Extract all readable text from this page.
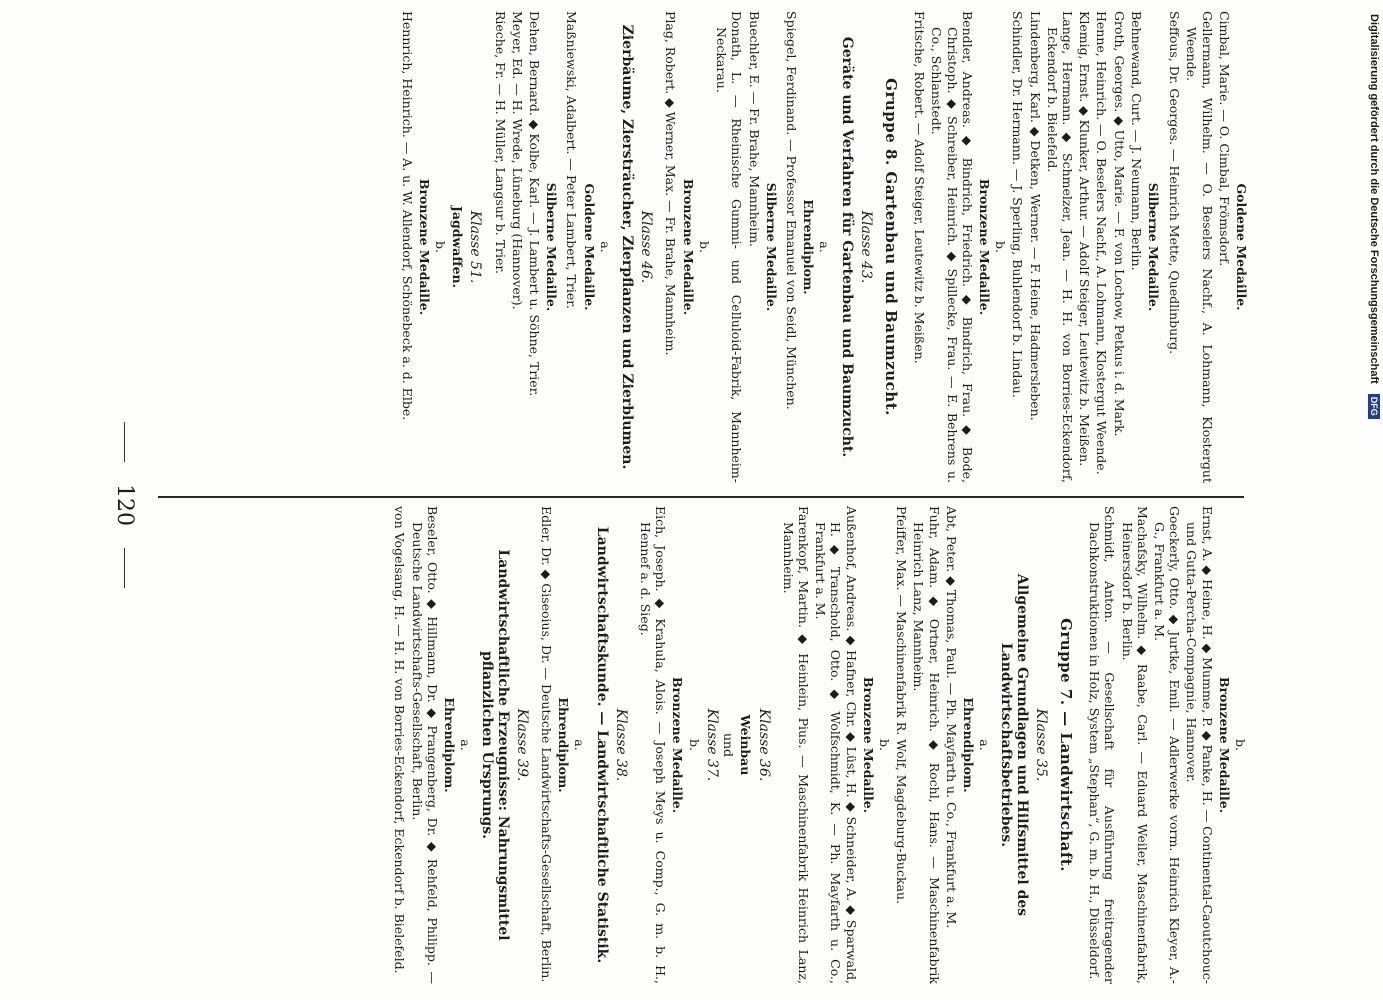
120
b.
Bronzene Medaille.
Ernst, A. ◆ Heine, H. ◆ Mumme, P. ◆ Panke, H. — Continental-Caoutchouc- und Gutta-Percha-Compagnie, Hannover.
Goeckerly, Otto. ◆ Jurtke, Emil. — Adlerwerke vorm. Heinrich Kleyer, A.-G., Frankfurt a. M.
Machafsky, Wilhelm. ◆ Raabe, Carl. — Eduard Weiler, Maschinenfabrik, Heinersdorf b. Berlin.
Schmidt, Anton. — Gesellschaft für Ausführung freitragender Dachkonstruktionen in Holz, System „Stephan“, G. m. b. H., Düsseldorf.
Gruppe 7. — Landwirtschaft.
Klasse 35.
Allgemeine Grundlagen und Hilfsmittel des Landwirtschaftsbetriebes.
a.
Ehrendiplom.
Abt, Peter. ◆ Thomas, Paul. — Ph. Mayfarth u. Co., Frankfurt a. M.
Fuhr, Adam. ◆ Ortner, Heinrich. ◆ Rochl, Hans. — Maschinenfabrik Heinrich Lanz, Mannheim.
Pfeiffer, Max. — Maschinenfabrik R. Wolf, Magdeburg-Buckau.
b.
Bronzene Medaille.
Außenhof, Andreas. ◆ Hafner, Chr. ◆ Lüst, H. ◆ Schneider, A. ◆ Sparwald, H. ◆ Transchold, Otto. ◆ Wolfschmidt, K. — Ph. Mayfarth u. Co., Frankfurt a. M.
Farenkopf, Martin. ◆ Heinlein, Pius. — Maschinenfabrik Heinrich Lanz, Mannheim.
Klasse 36.
Weinbau
und
Klasse 37.
b.
Bronzene Medaille.
Eich, Joseph. ◆ Krahula, Alois. — Joseph Meys u. Comp., G. m. b. H., Hennef a. d. Sieg.
Klasse 38.
Landwirtschaftskunde. — Landwirtschaftliche Statistik.
a.
Ehrendiplom.
Edler, Dr. ◆ Giseoius, Dr. — Deutsche Landwirtschafts-Gesellschaft, Berlin.
Klasse 39.
Landwirtschaftliche Erzeugnisse: Nahrungsmittel pflanzlichen Ursprungs.
a.
Ehrendiplom.
Beseler, Otto. ◆ Hillmann, Dr. ◆ Prangenberg, Dr. ◆ Rehfeld, Philipp. — Deutsche Landwirtschafts-Gesellschaft, Berlin.
von Vogelsang, H. — H. H. von Borries-Eckendorf, Eckendorf b. Bielefeld.
Goldene Medaille.
Cimbal, Marie. — O. Cimbal, Frömsdorf.
Gellermann, Wilhelm. — O. Beselers Nachf., A. Lohmann, Klostergut Weende.
Seffous, Dr. Georges. — Heinrich Mette, Quedlinburg.
Silberne Medaille.
Behnewand, Curt. — J. Neumann, Berlin.
Groth, Georges. ◆ Utto, Marie. — F. von Lochow, Petkus i. d. Mark.
Henne, Heinrich. — O. Beselers Nachf., A. Lohmann, Klostergut Weende.
Klemig, Ernst. ◆ Klunker, Arthur. — Adolf Steiger, Leutewitz b. Meißen.
Lange, Hermann. ◆ Schmelzer, Jean. — H. H. von Borries-Eckendorf, Eckendorf b. Bielefeld.
Lindenberg, Karl. ◆ Detken, Werner. — F. Heine, Hadmersleben.
Schindler, Dr. Hermann. — J. Sperling, Buhlendorf b. Lindau.
b.
Bronzene Medaille.
Bendler, Andreas. ◆ Bindrich, Friedrich. ◆ Bindrich, Frau. ◆ Bode, Christoph. ◆ Schreiber, Heinrich. ◆ Spillecke, Frau. — E. Behrens u. Co., Schlanstedt.
Fritsche, Robert. — Adolf Steiger, Leutewitz b. Meißen.
Gruppe 8. Gartenbau und Baumzucht.
Klasse 43.
Geräte und Verfahren für Gartenbau und Baumzucht.
a.
Ehrendiplom.
Spiegel, Ferdinand. — Professor Emanuel von Seidl, München.
Silberne Medaille.
Buechler, E. — Fr. Brahe, Mannheim.
Donath, L. — Rheinische Gummi- und Celluloid-Fabrik, Mannheim-Neckarau.
b.
Bronzene Medaille.
Plag, Robert. ◆ Werner, Max. — Fr. Brahe, Mannheim.
Klasse 46.
Zierbäume, Ziersträucher, Zierpflanzen und Zierblumen.
a.
Goldene Medaille.
Maßniewski, Adalbert. — Peter Lambert, Trier.
Silberne Medaille.
Dehen, Bernard. ◆ Kolbe, Karl. — J. Lambert u. Söhne, Trier.
Meyer, Ed. — H. Wrede, Lüneburg (Hannover).
Rieche, Fr. — H. Müller, Langsur b. Trier.
Klasse 51.
Jagdwaffen.
b.
Bronzene Medaille.
Hennrich, Heinrich. — A. u. W. Allendorf, Schönebeck a. d. Elbe.	Digitalisierung gefördert durch die Deutsche Forschungsgemeinschaft
DFG
